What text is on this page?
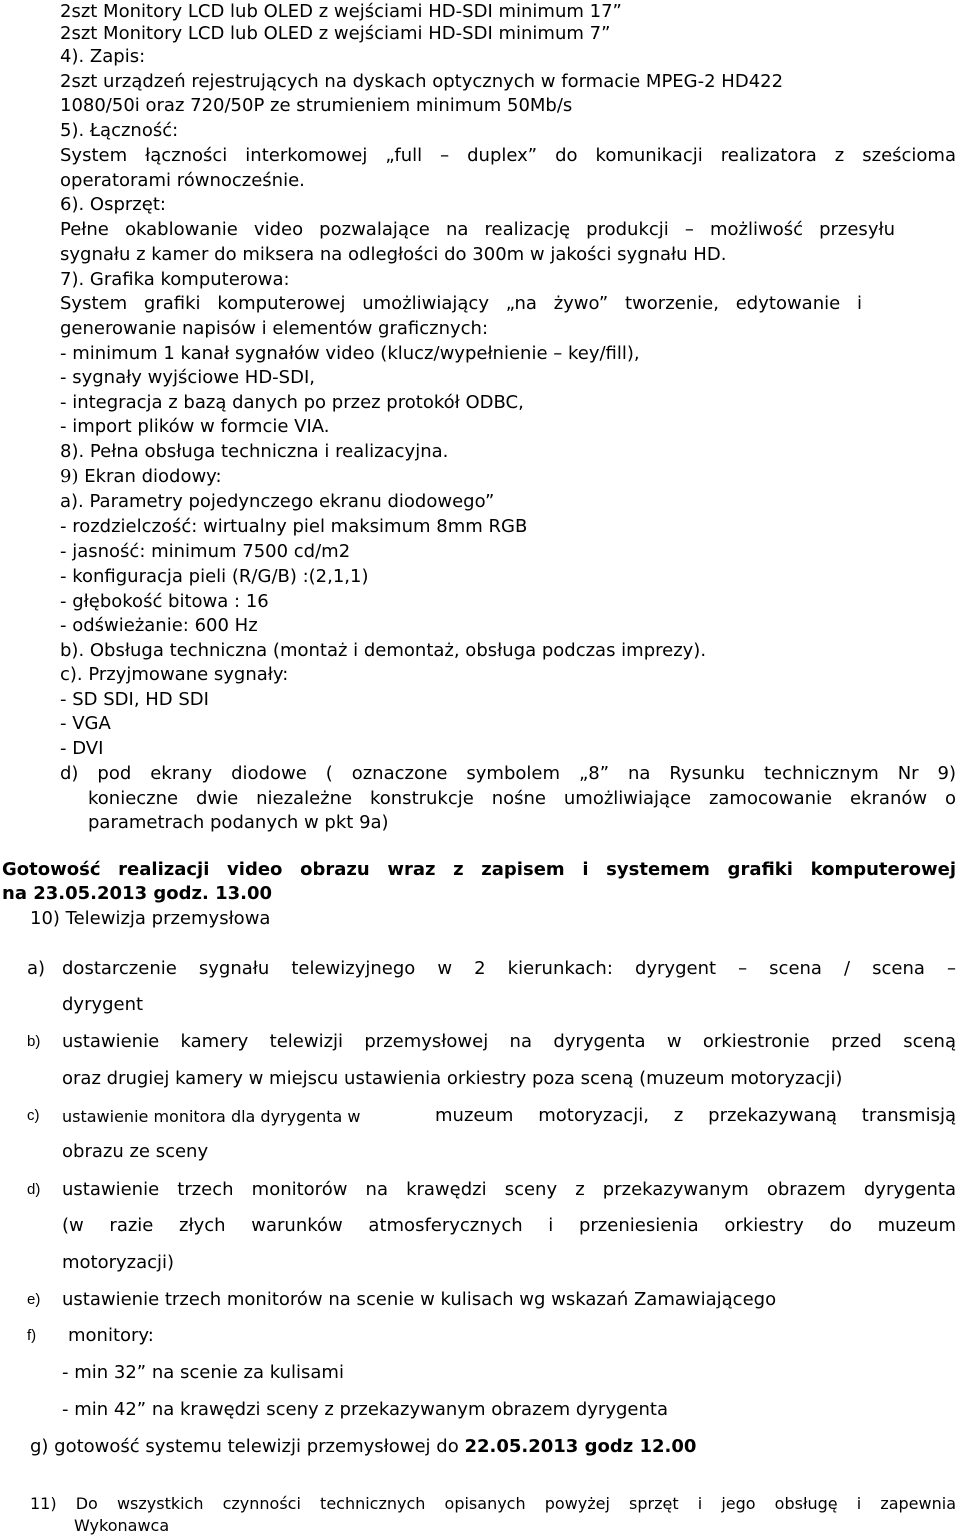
2szt Monitory LCD lub OLED z wejściami HD-SDI minimum 17”
2szt Monitory LCD lub OLED z wejściami HD-SDI minimum 7”
4). Zapis:
2szt urządzeń rejestrujących na dyskach optycznych w formacie MPEG-2 HD422
1080/50i oraz 720/50P ze strumieniem minimum 50Mb/s
5). Łączność:
System łączności interkomowej „full – duplex” do komunikacji realizatora z sześcioma
operatorami równocześnie.
6). Osprzęt:
Pełne okablowanie video pozwalające na realizację produkcji – możliwość przesyłu
sygnału z kamer do miksera na odległości do 300m w jakości sygnału HD.
7). Grafika komputerowa:
System grafiki komputerowej umożliwiający „na żywo” tworzenie, edytowanie i
generowanie napisów i elementów graficznych:
- minimum 1 kanał sygnałów video (klucz/wypełnienie – key/fill),
- sygnały wyjściowe HD-SDI,
- integracja z bazą danych po przez protokół ODBC,
- import plików w formcie VIA.
8). Pełna obsługa techniczna i realizacyjna.
9) Ekran diodowy:
a). Parametry pojedynczego ekranu diodowego”
- rozdzielczość: wirtualny piel maksimum 8mm RGB
- jasność: minimum 7500 cd/m2
- konfiguracja pieli (R/G/B) :(2,1,1)
- głębokość bitowa : 16
- odświeżanie: 600 Hz
b). Obsługa techniczna (montaż i demontaż, obsługa podczas imprezy).
c). Przyjmowane sygnały:
- SD SDI, HD SDI
- VGA
- DVI
d) pod ekrany diodowe ( oznaczone symbolem „8” na Rysunku technicznym Nr 9)
konieczne dwie niezależne konstrukcje nośne umożliwiające zamocowanie ekranów o
parametrach podanych w pkt 9a)
Gotowość realizacji video obrazu wraz z zapisem i systemem grafiki komputerowej
na 23.05.2013 godz. 13.00
10) Telewizja przemysłowa
a) dostarczenie sygnału telewizyjnego w 2 kierunkach: dyrygent – scena / scena –
dyrygent
b) ustawienie kamery telewizji przemysłowej na dyrygenta w orkiestronie przed sceną
oraz drugiej kamery w miejscu ustawienia orkiestry poza sceną (muzeum motoryzacji)
c) ustawienie monitora dla dyrygenta w	muzeum motoryzacji, z przekazywaną transmisją
obrazu ze sceny
d) ustawienie trzech monitorów na krawędzi sceny z przekazywanym obrazem dyrygenta
(w razie złych warunków atmosferycznych i przeniesienia orkiestry do muzeum
motoryzacji)
e) ustawienie trzech monitorów na scenie w kulisach wg wskazań Zamawiającego
f) monitory:
- min 32” na scenie za kulisami
- min 42” na krawędzi sceny z przekazywanym obrazem dyrygenta
g) gotowość systemu telewizji przemysłowej do 22.05.2013 godz 12.00
11) Do wszystkich czynności technicznych opisanych powyżej sprzęt i jego obsługę i zapewnia
Wykonawca
